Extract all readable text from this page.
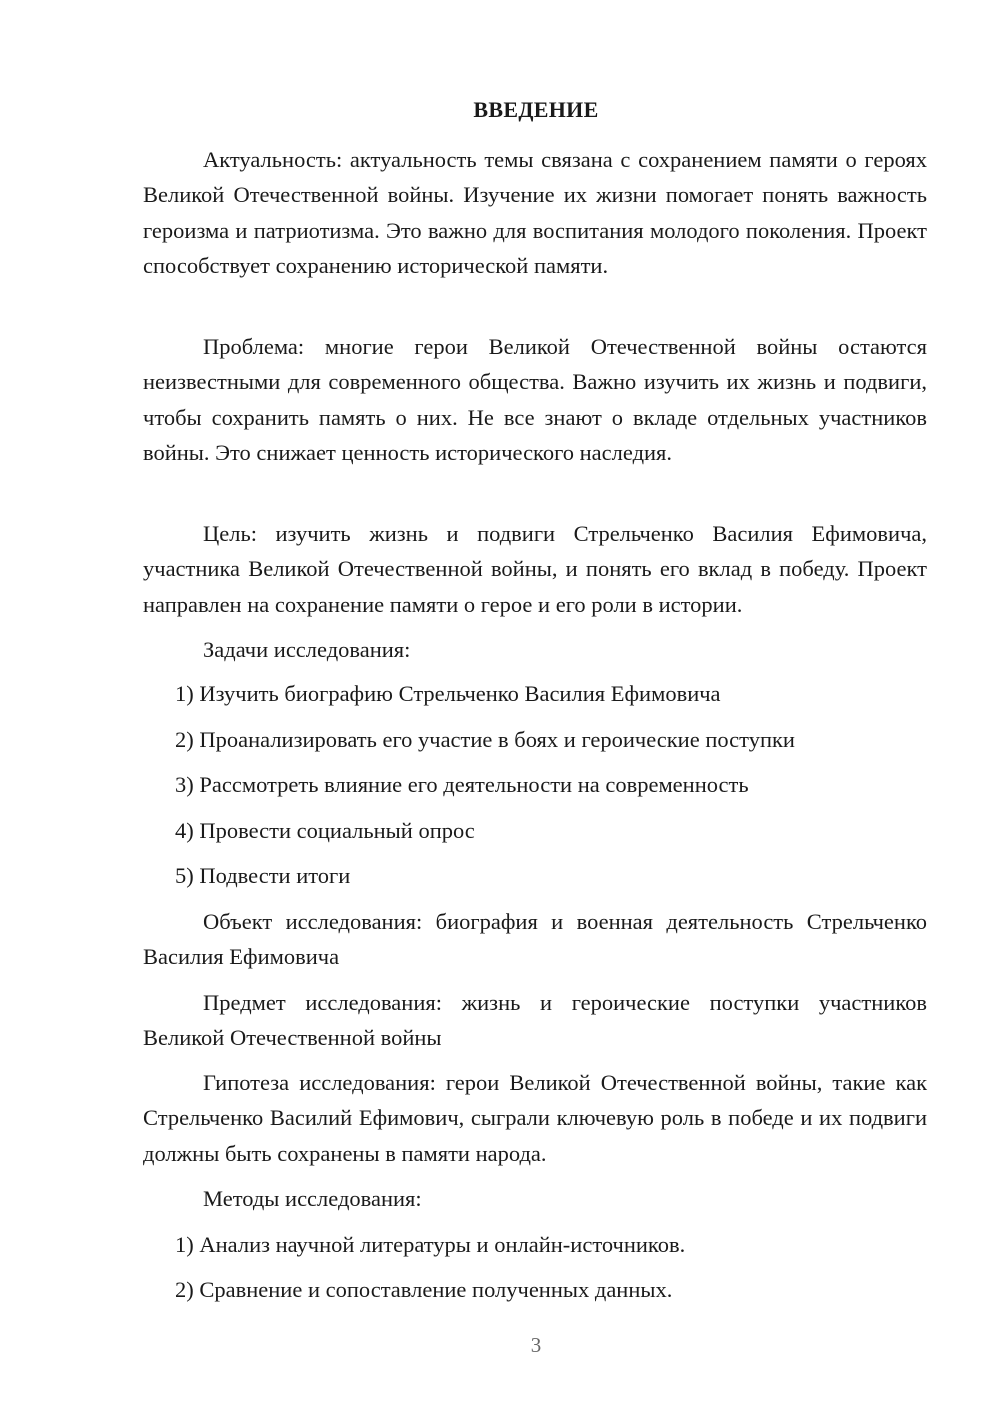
ВВЕДЕНИЕ

Актуальность: актуальность темы связана с сохранением памяти о героях Великой Отечественной войны. Изучение их жизни помогает понять важность героизма и патриотизма. Это важно для воспитания молодого поколения. Проект способствует сохранению исторической памяти.

Проблема: многие герои Великой Отечественной войны остаются неизвестными для современного общества. Важно изучить их жизнь и подвиги, чтобы сохранить память о них. Не все знают о вкладе отдельных участников войны. Это снижает ценность исторического наследия.

Цель: изучить жизнь и подвиги Стрельченко Василия Ефимовича, участника Великой Отечественной войны, и понять его вклад в победу. Проект направлен на сохранение памяти о герое и его роли в истории.

Задачи исследования:

1) Изучить биографию Стрельченко Василия Ефимовича
2) Проанализировать его участие в боях и героические поступки
3) Рассмотреть влияние его деятельности на современность
4) Провести социальный опрос
5) Подвести итоги

Объект исследования: биография и военная деятельность Стрельченко Василия Ефимовича

Предмет исследования: жизнь и героические поступки участников Великой Отечественной войны

Гипотеза исследования: герои Великой Отечественной войны, такие как Стрельченко Василий Ефимович, сыграли ключевую роль в победе и их подвиги должны быть сохранены в памяти народа.

Методы исследования:

1) Анализ научной литературы и онлайн-источников.
2) Сравнение и сопоставление полученных данных.
3
